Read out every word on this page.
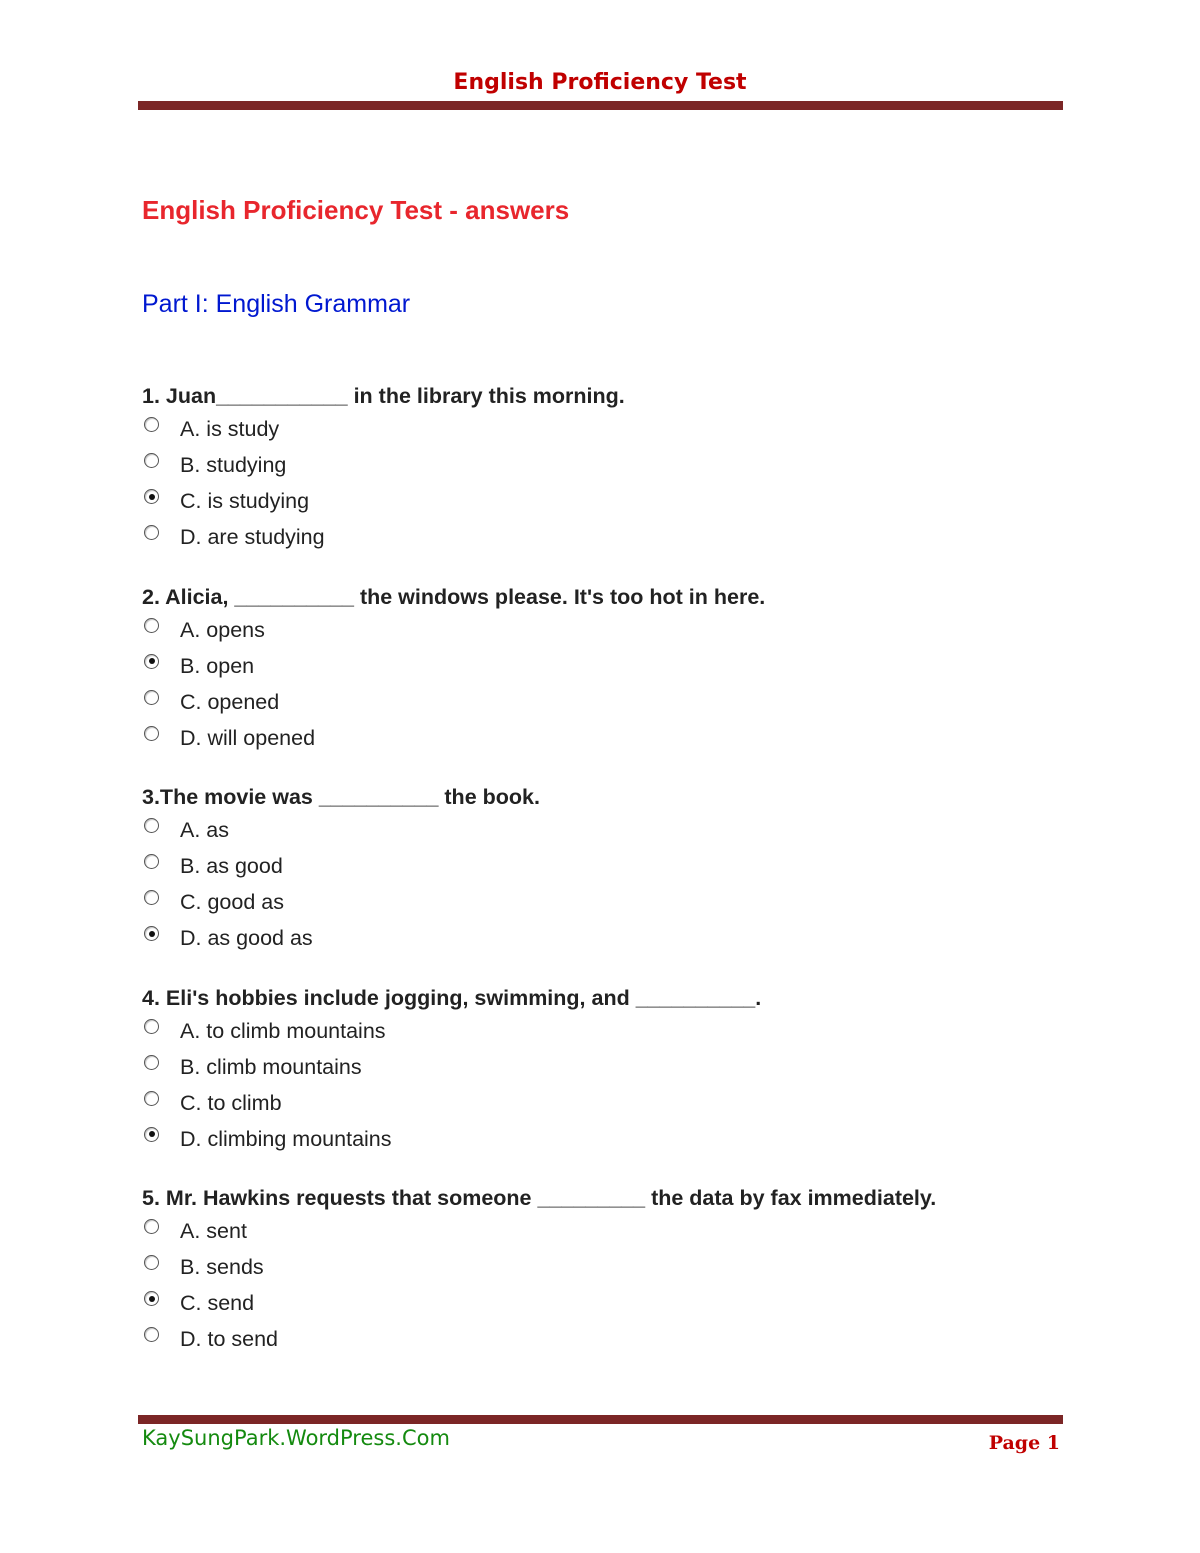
English Proficiency Test
English Proficiency Test - answers
Part I: English Grammar
1. Juan___________ in the library this morning.
A. is study
B. studying
C. is studying
D. are studying
2. Alicia, __________ the windows please. It's too hot in here.
A. opens
B. open
C. opened
D. will opened
3.The movie was __________ the book.
A. as
B. as good
C. good as
D. as good as
4. Eli's hobbies include jogging, swimming, and __________.
A. to climb mountains
B. climb mountains
C. to climb
D. climbing mountains
5. Mr. Hawkins requests that someone _________ the data by fax immediately.
A. sent
B. sends
C. send
D. to send
KaySungPark.WordPress.Com	Page 1
